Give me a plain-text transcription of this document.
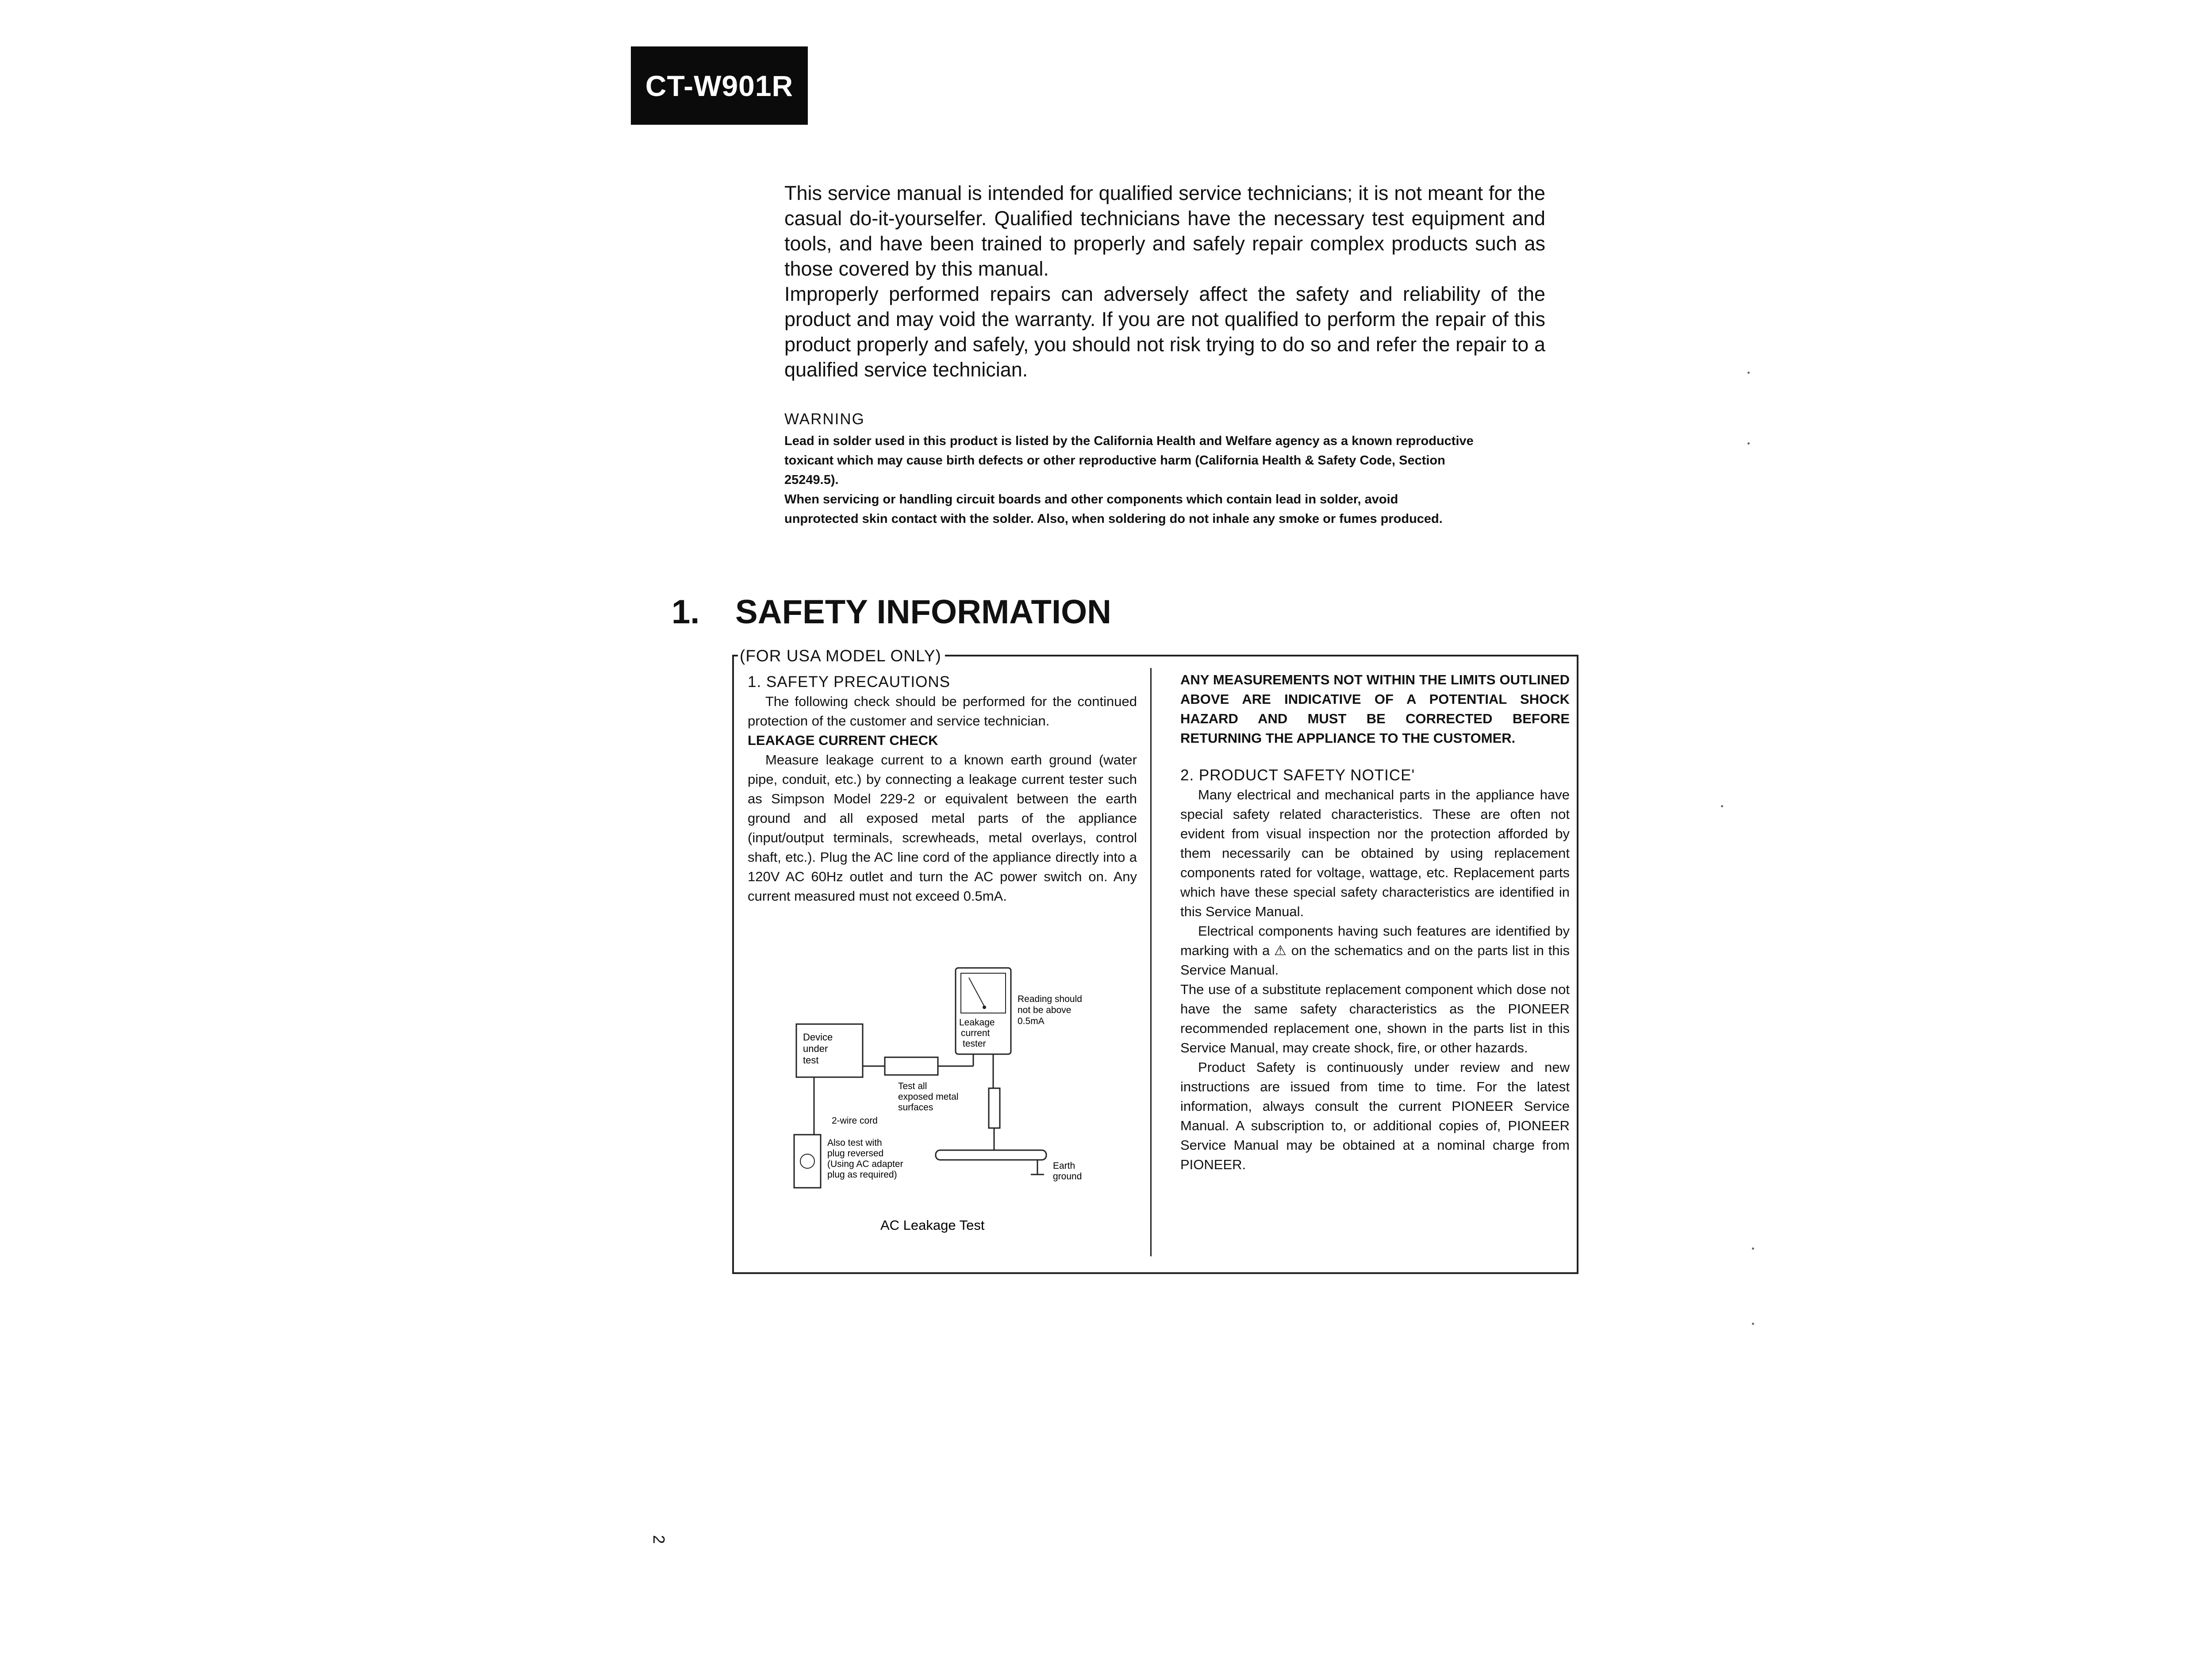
CT-W901R

This service manual is intended for qualified service technicians; it is not meant for the casual do-it-yourselfer. Qualified technicians have the necessary test equipment and tools, and have been trained to properly and safely repair complex products such as those covered by this manual.

Improperly performed repairs can adversely affect the safety and reliability of the product and may void the warranty. If you are not qualified to perform the repair of this product properly and safely, you should not risk trying to do so and refer the repair to a qualified service technician.

WARNING

Lead in solder used in this product is listed by the California Health and Welfare agency as a known reproductive toxicant which may cause birth defects or other reproductive harm (California Health & Safety Code, Section 25249.5).

When servicing or handling circuit boards and other components which contain lead in solder, avoid unprotected skin contact with the solder. Also, when soldering do not inhale any smoke or fumes produced.

1. SAFETY INFORMATION
(FOR USA MODEL ONLY)

1. SAFETY PRECAUTIONS

The following check should be performed for the continued protection of the customer and service technician.

LEAKAGE CURRENT CHECK

Measure leakage current to a known earth ground (water pipe, conduit, etc.) by connecting a leakage current tester such as Simpson Model 229-2 or equivalent between the earth ground and all exposed metal parts of the appliance (input/output terminals, screwheads, metal overlays, control shaft, etc.). Plug the AC line cord of the appliance directly into a 120V AC 60Hz outlet and turn the AC power switch on. Any current measured must not exceed 0.5mA.

Device
under
test
Leakage
current
tester
Reading should
not be above
0.5mA
Test all
exposed metal
surfaces
2-wire cord
Also test with
plug reversed
(Using AC adapter
plug as required)
Earth
ground
AC Leakage Test

ANY MEASUREMENTS NOT WITHIN THE LIMITS OUTLINED ABOVE ARE INDICATIVE OF A POTENTIAL SHOCK HAZARD AND MUST BE CORRECTED BEFORE RETURNING THE APPLIANCE TO THE CUSTOMER.

2. PRODUCT SAFETY NOTICE'

Many electrical and mechanical parts in the appliance have special safety related characteristics. These are often not evident from visual inspection nor the protection afforded by them necessarily can be obtained by using replacement components rated for voltage, wattage, etc. Replacement parts which have these special safety characteristics are identified in this Service Manual.

Electrical components having such features are identified by marking with a ⚠ on the schematics and on the parts list in this Service Manual.

The use of a substitute replacement component which dose not have the same safety characteristics as the PIONEER recommended replacement one, shown in the parts list in this Service Manual, may create shock, fire, or other hazards.

Product Safety is continuously under review and new instructions are issued from time to time. For the latest information, always consult the current PIONEER Service Manual. A subscription to, or additional copies of, PIONEER Service Manual may be obtained at a nominal charge from PIONEER.

2
